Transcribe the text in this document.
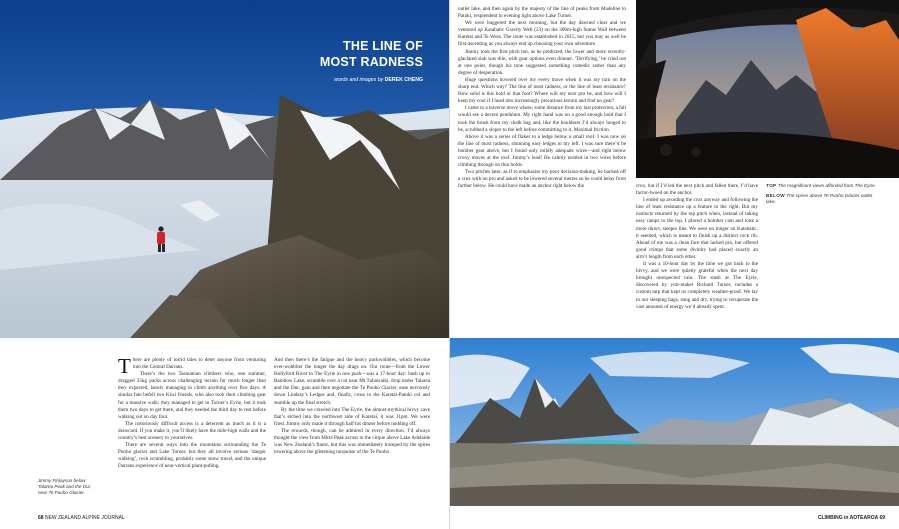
THE LINE OF
MOST RADNESS
words and images by DEREK CHENG

There are plenty of torrid tales to deter anyone from venturing into the Central Darrans.

There’s the two Tasmanian climbers who, one summer, dragged 35kg packs across challenging terrain for much longer than they expected, barely managing to climb anything over five days. A similar fate befell two Kiwi friends, who also took their climbing gear for a massive walk; they managed to get to Turner’s Eyrie, but it took them two days to get there, and they needed the third day to rest before walking out on day four.

The notoriously difficult access is a deterrent as much as it is a drawcard. If you make it, you’ll likely have the mile-high walls and the country’s best scenery to yourselves.

There are several ways into the mountains surrounding the Te Puoho glacier and Lake Turner, but they all involve serious ‘danger walking’, rock scrambling, probably some snow travel, and the unique Darrans experience of near-vertical plant-pulling.

And then there’s the fatigue and the heavy packwobbles, which become ever-wobblier the longer the day drags on. Our route—from the Lower Hollyford River to The Eyrie in one push—was a 17-hour day: bash up to Rainbow Lake, scramble over a col near Mt Tuhawaiki, drop under Talarea and the Dur, gain and then negotiate the Te Puoho Glacier, ease nervously down Lindsay’s Ledges and, finally, cross to the Karetai-Patuki col and stumble up the final stretch.

By the time we crawled into The Eyrie, the almost-mythical bivvy cave that’s etched into the northwest side of Karetai, it was 11pm. We were fried. Jimmy only made it through half his dinner before nodding off.

The rewards, though, can be admired in every direction. I’d always thought the view from Mitre Peak across to the cirque above Lake Adelaide was New Zealand’s finest, but this was immediately trumped by the spires towering above the glistening turquoise of the Te Puoho

Jimmy Finlayson below Talarea Peak and the Dur, near Te Puoho Glacier.
68 NEW ZEALAND ALPINE JOURNAL

outlet lake, and then again by the majesty of the line of peaks from Madeline to Patuki, resplendent in evening light above Lake Turner.

We were buggered the next morning, but the day dawned clear and we ventured up Katabatic Gravity Well (23) on the 300m-high Status Wall between Karetai and Te Wera. The route was established in 2015, but you may as well be first-ascenting as you always end up choosing your own adventure.

Jimmy took the first pitch but, as he predicted, the lower and more recently-glaciated slab was thin, with gear options even thinner. ‘Terrifying,’ he cried out at one point, though his tone suggested something comedic rather than any degree of desperation.

Huge questions hovered over my every move when it was my turn on the sharp end. Which way? The line of most radness, or the line of least resistance? How solid is this hold or that foot? Where will my next pro be, and how will I keep my cool if I head into increasingly precarious terrain and find no gear?

I came to a traverse move where, some distance from my last protection, a fall would see a decent pendulum. My right hand was on a good enough hold that I took the brush from my chalk bag and, like the boulderer I’d always longed to be, scrubbed a sloper to the left before committing to it. Maximal friction.

Above it was a series of flakes to a ledge below a small roof. I was now on the line of most radness, shunning easy ledges to my left. I was sure there’d be bomber gear above, but I found only mildly adequate wires—and right below cruxy moves at the roof. Jimmy’s lead! He calmly nestled in two wires before climbing through on thin holds.

Two pitches later, as if to emphasise my poor decision-making, he backed off a crux with no pro and asked to be lowered several metres so he could belay from further below. He could have made an anchor right below the	crux, but if I’d led the next pitch and fallen there, I’d have factor-twoed on the anchor.

I ended up avoiding the crux anyway and following the line of least resistance up a feature to the right. But my instincts returned by the top pitch when, instead of taking easy ramps to the top, I placed a bomber cam and took a more direct, steeper line. We were no longer on Katabatic, it seemed, which is meant to finish up a distinct rock rib. Ahead of me was a clean face that lacked pro, but offered good crimps that some divinity had placed exactly an arm’s length from each other.

It was a 10-hour day by the time we got back to the bivvy, and we were quietly grateful when the next day brought unexpected rain. The stash at The Eyrie, discovered by yurt-maker Richard Turner, includes a custom tarp that kept us completely weather-proof. We lay in our sleeping bags, snug and dry, trying to recuperate the vast amounts of energy we’d already spent.

TOP The magnificent views afforded from The Eyrie.
BELOW The spires above Te Puoho Glacier outlet lake.
CLIMBING in AOTEAROA 69
